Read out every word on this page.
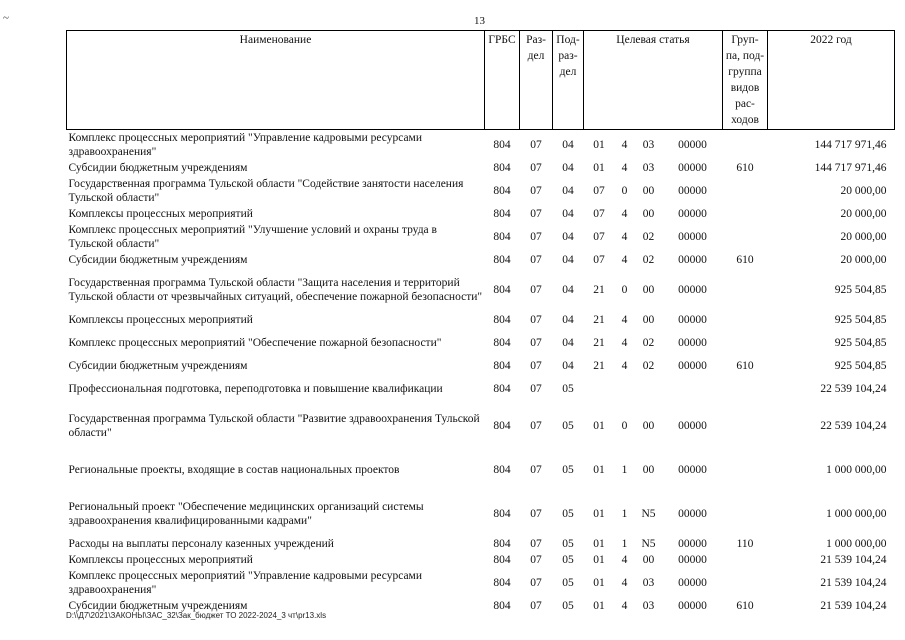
~	13
Наименование	ГРБС	Раз-дел	Под-раз-дел	Целевая статья				Груп-па, под-группа видов рас-ходов	2022 год
Комплекс процессных мероприятий "Управление кадровыми ресурсами здравоохранения"	804	07	04	01	4	03	00000		144 717 971,46
Субсидии бюджетным учреждениям	804	07	04	01	4	03	00000	610	144 717 971,46
Государственная программа Тульской области "Содействие занятости населения Тульской области"	804	07	04	07	0	00	00000		20 000,00
Комплексы процессных мероприятий	804	07	04	07	4	00	00000		20 000,00
Комплекс процессных мероприятий "Улучшение условий и охраны труда в Тульской области"	804	07	04	07	4	02	00000		20 000,00
Субсидии бюджетным учреждениям	804	07	04	07	4	02	00000	610	20 000,00
Государственная программа Тульской области "Защита населения и территорий Тульской области от чрезвычайных ситуаций, обеспечение пожарной безопасности"	804	07	04	21	0	00	00000		925 504,85
Комплексы процессных мероприятий	804	07	04	21	4	00	00000		925 504,85
Комплекс процессных мероприятий "Обеспечение пожарной безопасности"	804	07	04	21	4	02	00000		925 504,85
Субсидии бюджетным учреждениям	804	07	04	21	4	02	00000	610	925 504,85
Профессиональная подготовка, переподготовка и повышение квалификации	804	07	05						22 539 104,24
Государственная программа Тульской области "Развитие здравоохранения Тульской области"	804	07	05	01	0	00	00000		22 539 104,24
Региональные проекты, входящие в состав национальных проектов	804	07	05	01	1	00	00000		1 000 000,00
Региональный проект "Обеспечение медицинских организаций системы здравоохранения квалифицированными кадрами"	804	07	05	01	1	N5	00000		1 000 000,00
Расходы на выплаты персоналу казенных учреждений	804	07	05	01	1	N5	00000	110	1 000 000,00
Комплексы процессных мероприятий	804	07	05	01	4	00	00000		21 539 104,24
Комплекс процессных мероприятий "Управление кадровыми ресурсами здравоохранения"	804	07	05	01	4	03	00000		21 539 104,24
Субсидии бюджетным учреждениям	804	07	05	01	4	03	00000	610	21 539 104,24
D:\\Д7\2021\ЗАКОНЫ\ЗАС_32\Зак_бюджет ТО 2022-2024_3 чт\pr13.xls
